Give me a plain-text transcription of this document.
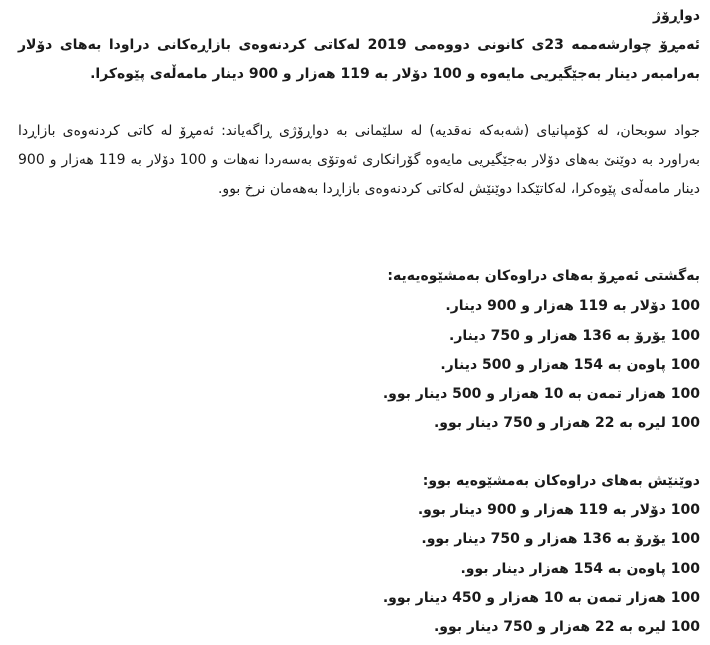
دواڕۆژ
ئەمڕۆ چوارشەممە 23ی کانونی دووەمی 2019 لەکاتی کردنەوەی بازاڕەکانی دراودا بەهای دۆلار بەرامبەر دینار بەجێگیریی مایەوە و 100 دۆلار بە 119 هەزار و 900 دینار مامەڵەی پێوەکرا.
جواد سوبحان، لە کۆمپانیای (شەبەکە نەقدیە) لە سلێمانی بە دواڕۆژی ڕاگەیاند: ئەمڕۆ لە کاتی کردنەوەی بازاڕدا بەراورد بە دوێنێ بەهای دۆلار بەجێگیریی مایەوە گۆرانکاری ئەوتۆی بەسەردا نەهات و 100 دۆلار بە 119 هەزار و 900 دینار مامەڵەی پێوەکرا، لەکاتێکدا دوێنێش لەکاتی کردنەوەی بازاڕدا بەهەمان نرخ بوو.
بەگشتی ئەمڕۆ بەهای دراوەکان بەمشێوەیەیە:
100 دۆلار بە 119 هەزار و 900 دینار.
100 یۆرۆ بە 136 هەزار و 750 دینار.
100 پاوەن بە 154 هەزار و 500 دینار.
100 هەزار تمەن بە 10 هەزار و 500 دینار بوو.
100 لیرە بە 22 هەزار و 750 دینار بوو.
دوێنێش بەهای دراوەکان بەمشێوەیە بوو:
100 دۆلار بە 119 هەزار و 900 دینار بوو.
100 یۆرۆ بە 136 هەزار و 750 دینار بوو.
100 پاوەن بە 154 هەزار دینار بوو.
100 هەزار تمەن بە 10 هەزار و 450 دینار بوو.
100 لیرە بە 22 هەزار و 750 دینار بوو.
